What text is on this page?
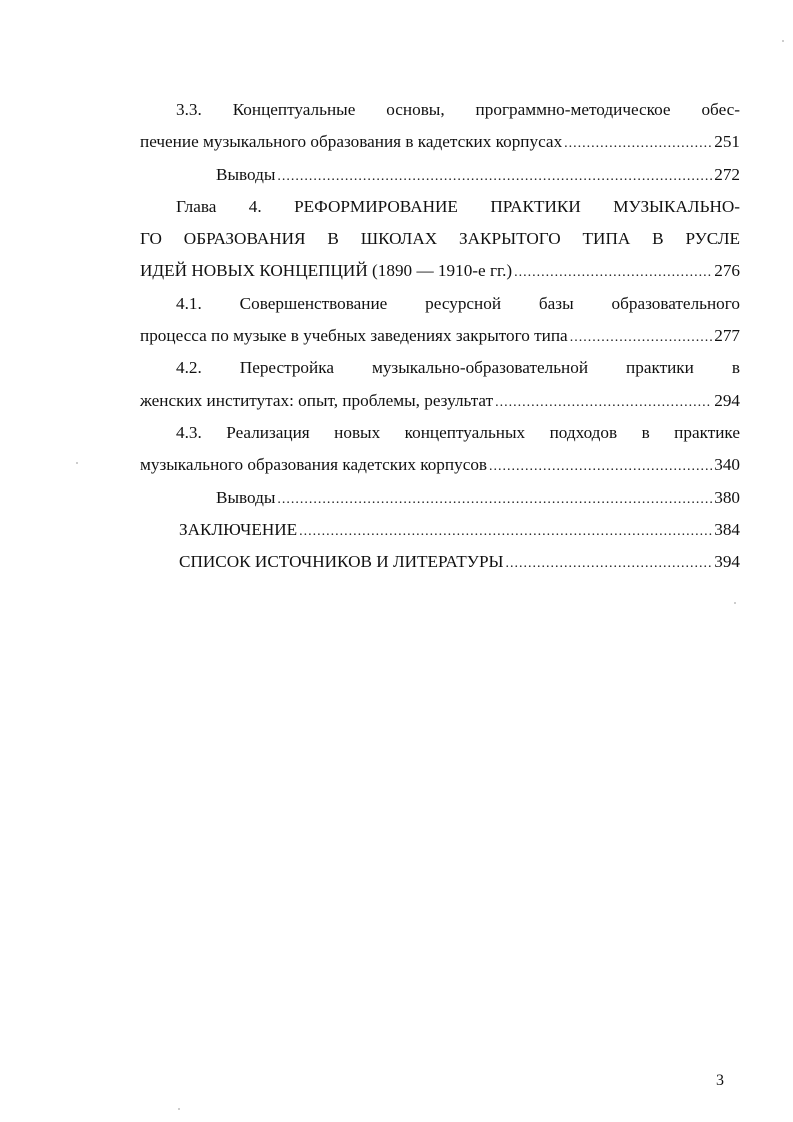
3.3. Концептуальные основы, программно-методическое обес-
печение музыкального образования в кадетских корпусах .....	251
Выводы .....	272
Глава 4. РЕФОРМИРОВАНИЕ ПРАКТИКИ МУЗЫКАЛЬНО-
ГО ОБРАЗОВАНИЯ В ШКОЛАХ ЗАКРЫТОГО ТИПА В РУСЛЕ
ИДЕЙ НОВЫХ КОНЦЕПЦИЙ (1890 — 1910-е гг.) .....	276
4.1. Совершенствование ресурсной базы образовательного
процесса по музыке в учебных заведениях закрытого типа .....	277
4.2. Перестройка музыкально-образовательной практики в
женских институтах: опыт, проблемы, результат .....	294
4.3. Реализация новых концептуальных подходов в практике
музыкального образования кадетских корпусов .....	340
Выводы .....	380
ЗАКЛЮЧЕНИЕ .....	384
СПИСОК ИСТОЧНИКОВ И ЛИТЕРАТУРЫ .....	394
3
